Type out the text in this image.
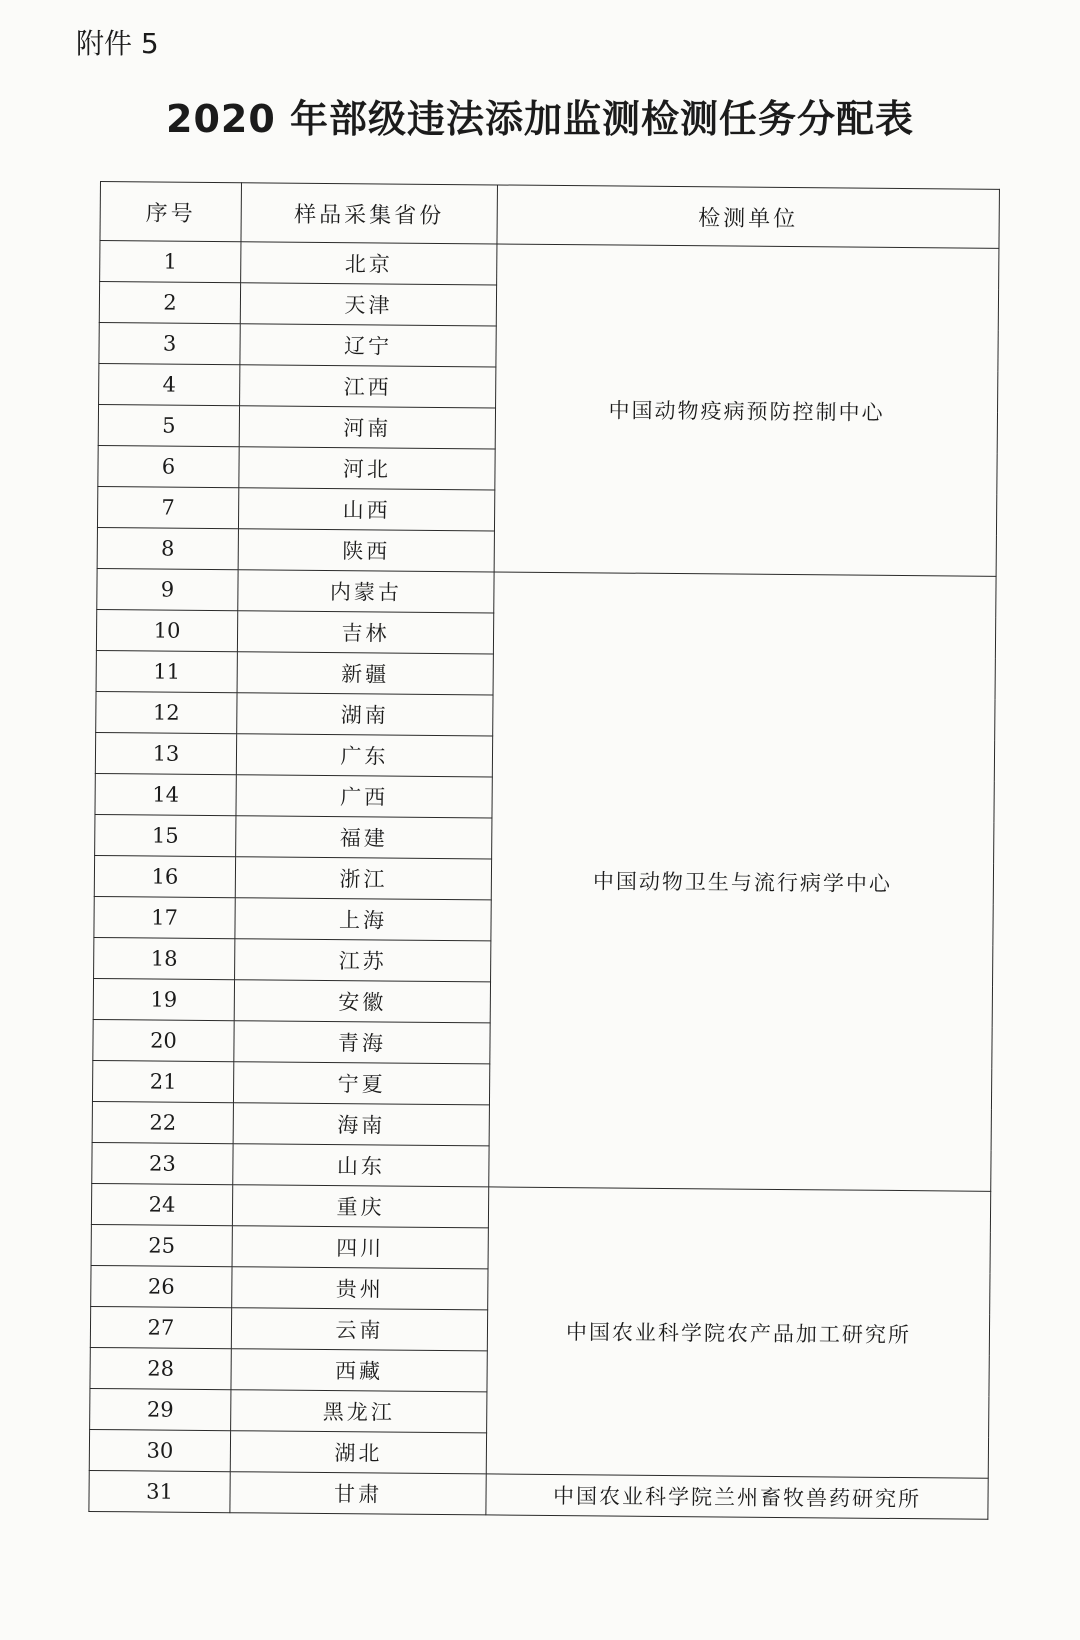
附件 5
2020 年部级违法添加监测检测任务分配表
序号	样品采集省份	检测单位
1	北京	中国动物疫病预防控制中心
2	天津	
3	辽宁	
4	江西	
5	河南	
6	河北	
7	山西	
8	陕西	
9	内蒙古	中国动物卫生与流行病学中心
10	吉林	
11	新疆	
12	湖南	
13	广东	
14	广西	
15	福建	
16	浙江	
17	上海	
18	江苏	
19	安徽	
20	青海	
21	宁夏	
22	海南	
23	山东	
24	重庆	中国农业科学院农产品加工研究所
25	四川	
26	贵州	
27	云南	
28	西藏	
29	黑龙江	
30	湖北	
31	甘肃	中国农业科学院兰州畜牧兽药研究所
